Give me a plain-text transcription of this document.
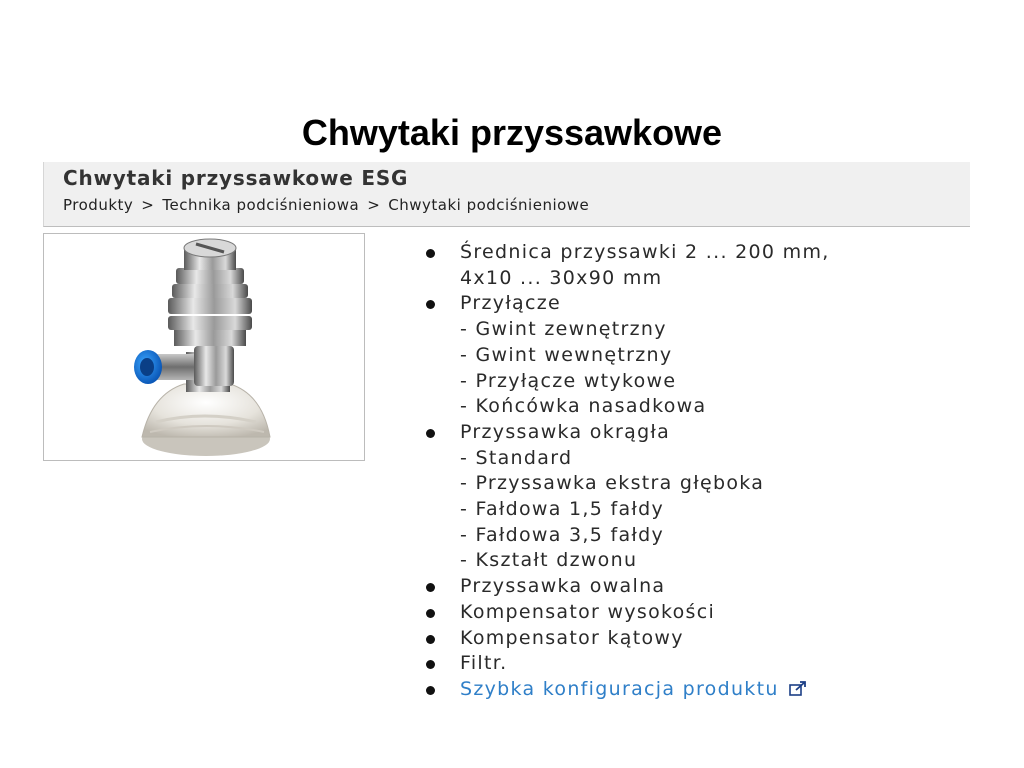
Chwytaki przyssawkowe
Chwytaki przyssawkowe ESG
Produkty > Technika podciśnieniowa > Chwytaki podciśnieniowe
Średnica przyssawki 2 ... 200 mm,
4x10 ... 30x90 mm
Przyłącze
- Gwint zewnętrzny
- Gwint wewnętrzny
- Przyłącze wtykowe
- Końcówka nasadkowa
Przyssawka okrągła
- Standard
- Przyssawka ekstra głęboka
- Fałdowa 1,5 fałdy
- Fałdowa 3,5 fałdy
- Kształt dzwonu
Przyssawka owalna
Kompensator wysokości
Kompensator kątowy
Filtr.
Szybka konfiguracja produktu
